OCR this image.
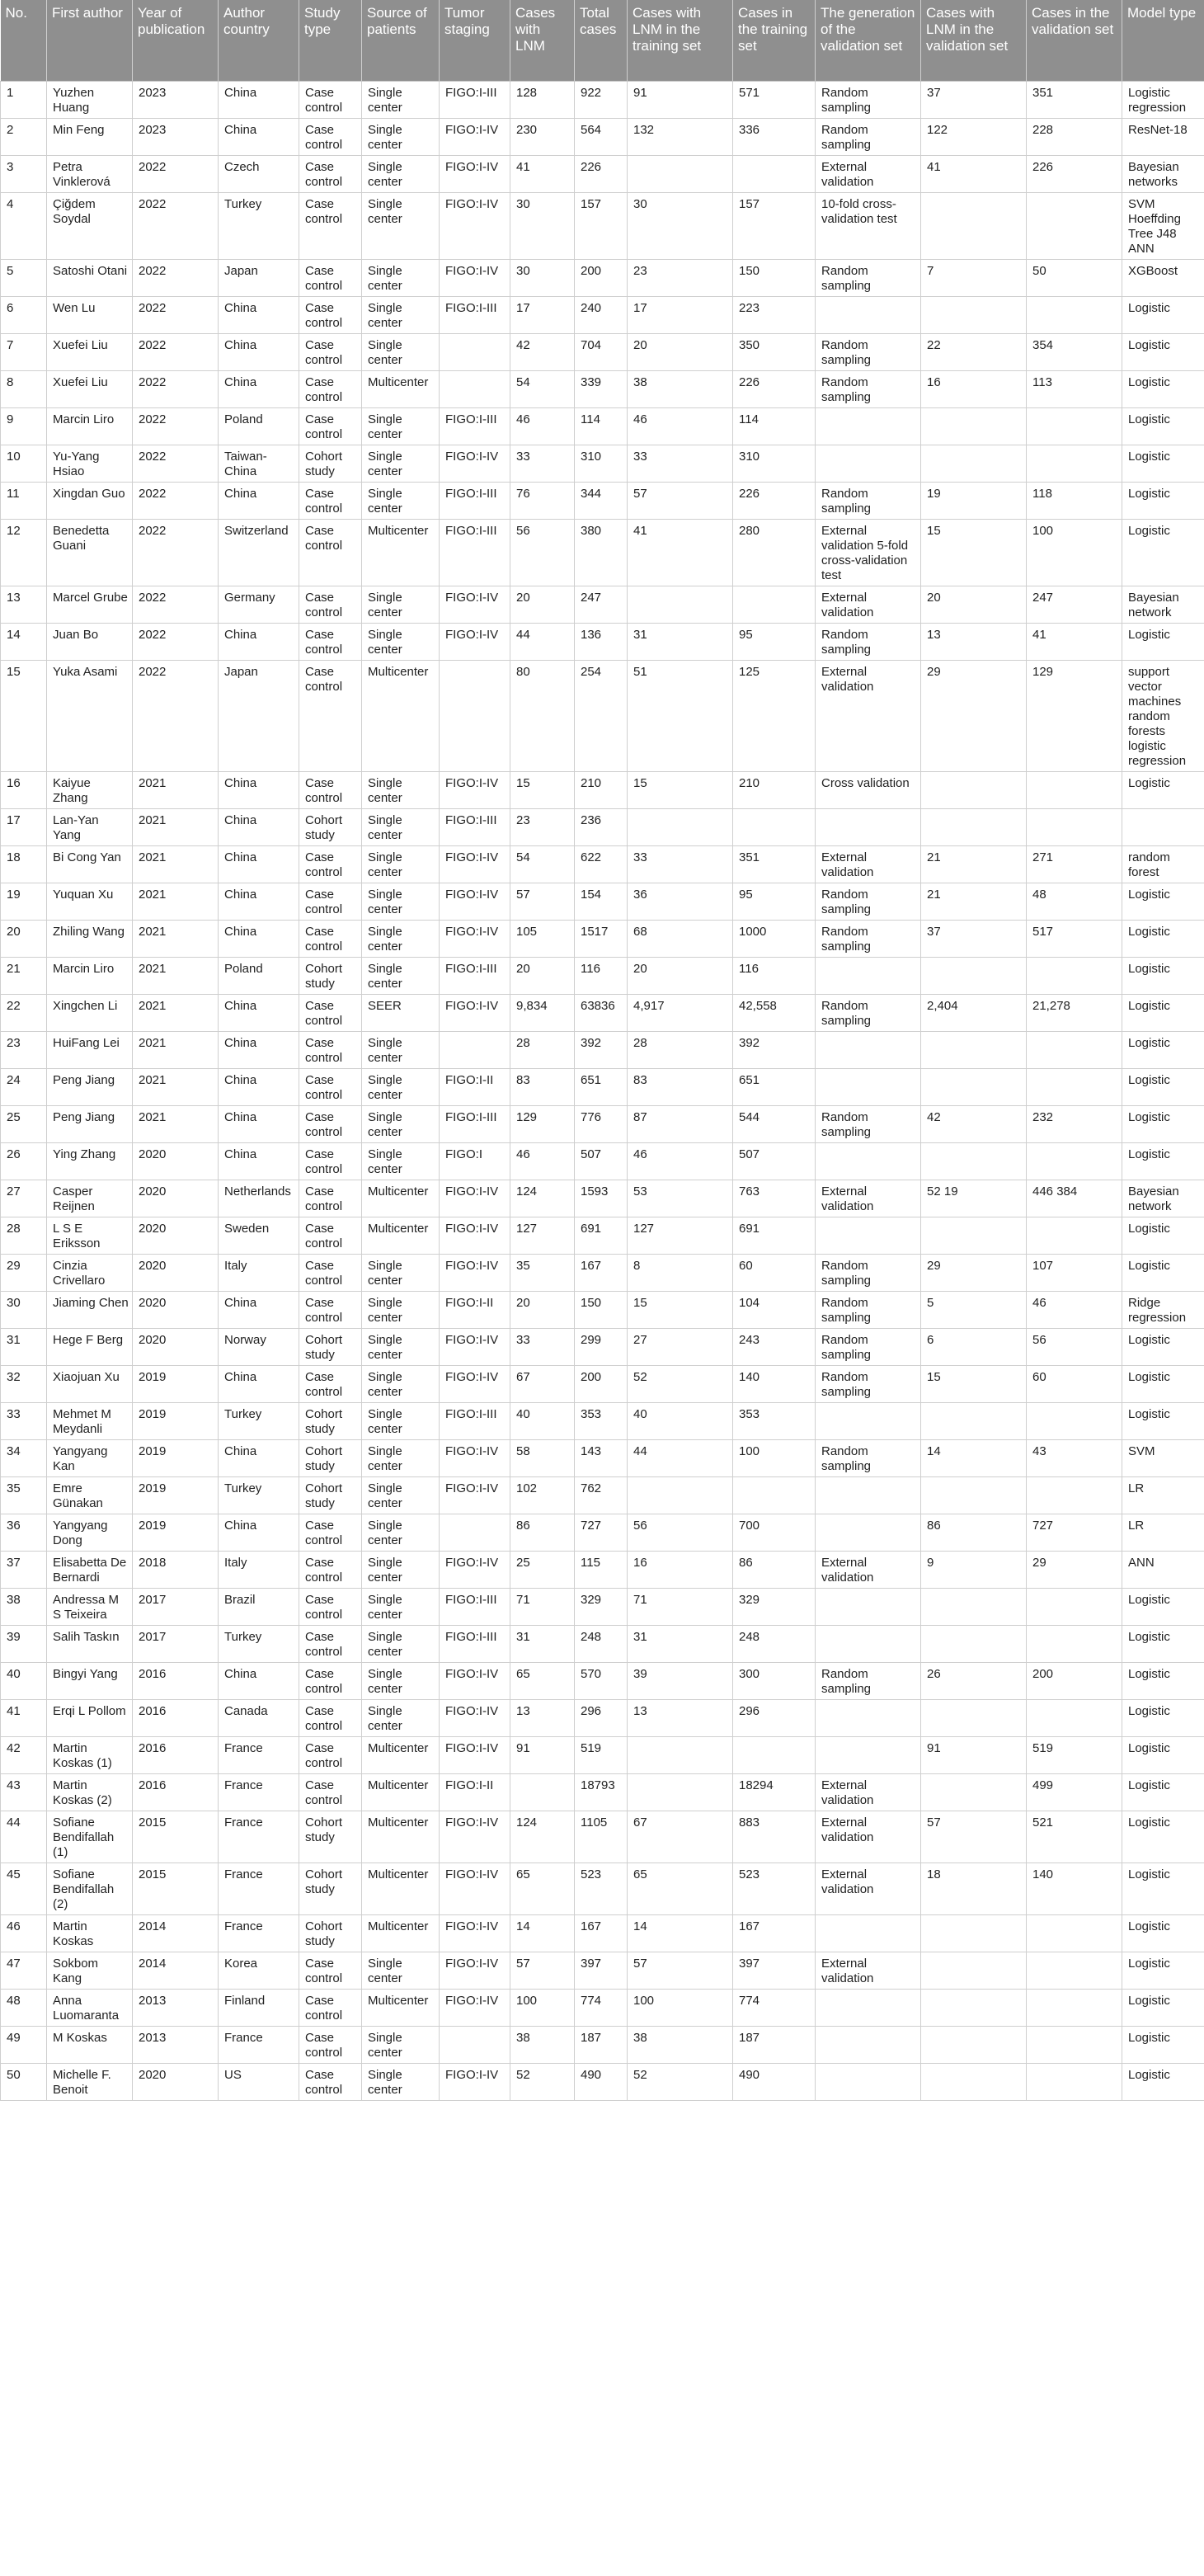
No.	First author	Year of publication	Author country	Study type	Source of patients	Tumor staging	Cases with LNM	Total cases	Cases with LNM in the training set	Cases in the training set	The generation of the validation set	Cases with LNM in the validation set	Cases in the validation set	Model type
1	Yuzhen Huang	2023	China	Case control	Single center	FIGO:I-III	128	922	91	571	Random sampling	37	351	Logistic regression
2	Min Feng	2023	China	Case control	Single center	FIGO:I-IV	230	564	132	336	Random sampling	122	228	ResNet-18
3	Petra Vinklerová	2022	Czech	Case control	Single center	FIGO:I-IV	41	226			External validation	41	226	Bayesian networks
4	Çiğdem Soydal	2022	Turkey	Case control	Single center	FIGO:I-IV	30	157	30	157	10-fold cross-validation test			SVM Hoeffding Tree J48 ANN
5	Satoshi Otani	2022	Japan	Case control	Single center	FIGO:I-IV	30	200	23	150	Random sampling	7	50	XGBoost
6	Wen Lu	2022	China	Case control	Single center	FIGO:I-III	17	240	17	223				Logistic
7	Xuefei Liu	2022	China	Case control	Single center		42	704	20	350	Random sampling	22	354	Logistic
8	Xuefei Liu	2022	China	Case control	Multicenter		54	339	38	226	Random sampling	16	113	Logistic
9	Marcin Liro	2022	Poland	Case control	Single center	FIGO:I-III	46	114	46	114				Logistic
10	Yu-Yang Hsiao	2022	Taiwan-China	Cohort study	Single center	FIGO:I-IV	33	310	33	310				Logistic
11	Xingdan Guo	2022	China	Case control	Single center	FIGO:I-III	76	344	57	226	Random sampling	19	118	Logistic
12	Benedetta Guani	2022	Switzerland	Case control	Multicenter	FIGO:I-III	56	380	41	280	External validation 5-fold cross-validation test	15	100	Logistic
13	Marcel Grube	2022	Germany	Case control	Single center	FIGO:I-IV	20	247			External validation	20	247	Bayesian network
14	Juan Bo	2022	China	Case control	Single center	FIGO:I-IV	44	136	31	95	Random sampling	13	41	Logistic
15	Yuka Asami	2022	Japan	Case control	Multicenter		80	254	51	125	External validation	29	129	support vector machines random forests logistic regression
16	Kaiyue Zhang	2021	China	Case control	Single center	FIGO:I-IV	15	210	15	210	Cross validation			Logistic
17	Lan-Yan Yang	2021	China	Cohort study	Single center	FIGO:I-III	23	236						
18	Bi Cong Yan	2021	China	Case control	Single center	FIGO:I-IV	54	622	33	351	External validation	21	271	random forest
19	Yuquan Xu	2021	China	Case control	Single center	FIGO:I-IV	57	154	36	95	Random sampling	21	48	Logistic
20	Zhiling Wang	2021	China	Case control	Single center	FIGO:I-IV	105	1517	68	1000	Random sampling	37	517	Logistic
21	Marcin Liro	2021	Poland	Cohort study	Single center	FIGO:I-III	20	116	20	116				Logistic
22	Xingchen Li	2021	China	Case control	SEER	FIGO:I-IV	9,834	63836	4,917	42,558	Random sampling	2,404	21,278	Logistic
23	HuiFang Lei	2021	China	Case control	Single center		28	392	28	392				Logistic
24	Peng Jiang	2021	China	Case control	Single center	FIGO:I-II	83	651	83	651				Logistic
25	Peng Jiang	2021	China	Case control	Single center	FIGO:I-III	129	776	87	544	Random sampling	42	232	Logistic
26	Ying Zhang	2020	China	Case control	Single center	FIGO:I	46	507	46	507				Logistic
27	Casper Reijnen	2020	Netherlands	Case control	Multicenter	FIGO:I-IV	124	1593	53	763	External validation	52 19	446 384	Bayesian network
28	L S E Eriksson	2020	Sweden	Case control	Multicenter	FIGO:I-IV	127	691	127	691				Logistic
29	Cinzia Crivellaro	2020	Italy	Case control	Single center	FIGO:I-IV	35	167	8	60	Random sampling	29	107	Logistic
30	Jiaming Chen	2020	China	Case control	Single center	FIGO:I-II	20	150	15	104	Random sampling	5	46	Ridge regression
31	Hege F Berg	2020	Norway	Cohort study	Single center	FIGO:I-IV	33	299	27	243	Random sampling	6	56	Logistic
32	Xiaojuan Xu	2019	China	Case control	Single center	FIGO:I-IV	67	200	52	140	Random sampling	15	60	Logistic
33	Mehmet M Meydanli	2019	Turkey	Cohort study	Single center	FIGO:I-III	40	353	40	353				Logistic
34	Yangyang Kan	2019	China	Cohort study	Single center	FIGO:I-IV	58	143	44	100	Random sampling	14	43	SVM
35	Emre Günakan	2019	Turkey	Cohort study	Single center	FIGO:I-IV	102	762						LR
36	Yangyang Dong	2019	China	Case control	Single center		86	727	56	700		86	727	LR
37	Elisabetta De Bernardi	2018	Italy	Case control	Single center	FIGO:I-IV	25	115	16	86	External validation	9	29	ANN
38	Andressa M S Teixeira	2017	Brazil	Case control	Single center	FIGO:I-III	71	329	71	329				Logistic
39	Salih Taskın	2017	Turkey	Case control	Single center	FIGO:I-III	31	248	31	248				Logistic
40	Bingyi Yang	2016	China	Case control	Single center	FIGO:I-IV	65	570	39	300	Random sampling	26	200	Logistic
41	Erqi L Pollom	2016	Canada	Case control	Single center	FIGO:I-IV	13	296	13	296				Logistic
42	Martin Koskas (1)	2016	France	Case control	Multicenter	FIGO:I-IV	91	519				91	519	Logistic
43	Martin Koskas (2)	2016	France	Case control	Multicenter	FIGO:I-II		18793		18294	External validation		499	Logistic
44	Sofiane Bendifallah (1)	2015	France	Cohort study	Multicenter	FIGO:I-IV	124	1105	67	883	External validation	57	521	Logistic
45	Sofiane Bendifallah (2)	2015	France	Cohort study	Multicenter	FIGO:I-IV	65	523	65	523	External validation	18	140	Logistic
46	Martin Koskas	2014	France	Cohort study	Multicenter	FIGO:I-IV	14	167	14	167				Logistic
47	Sokbom Kang	2014	Korea	Case control	Single center	FIGO:I-IV	57	397	57	397	External validation			Logistic
48	Anna Luomaranta	2013	Finland	Case control	Multicenter	FIGO:I-IV	100	774	100	774				Logistic
49	M Koskas	2013	France	Case control	Single center		38	187	38	187				Logistic
50	Michelle F. Benoit	2020	US	Case control	Single center	FIGO:I-IV	52	490	52	490				Logistic
